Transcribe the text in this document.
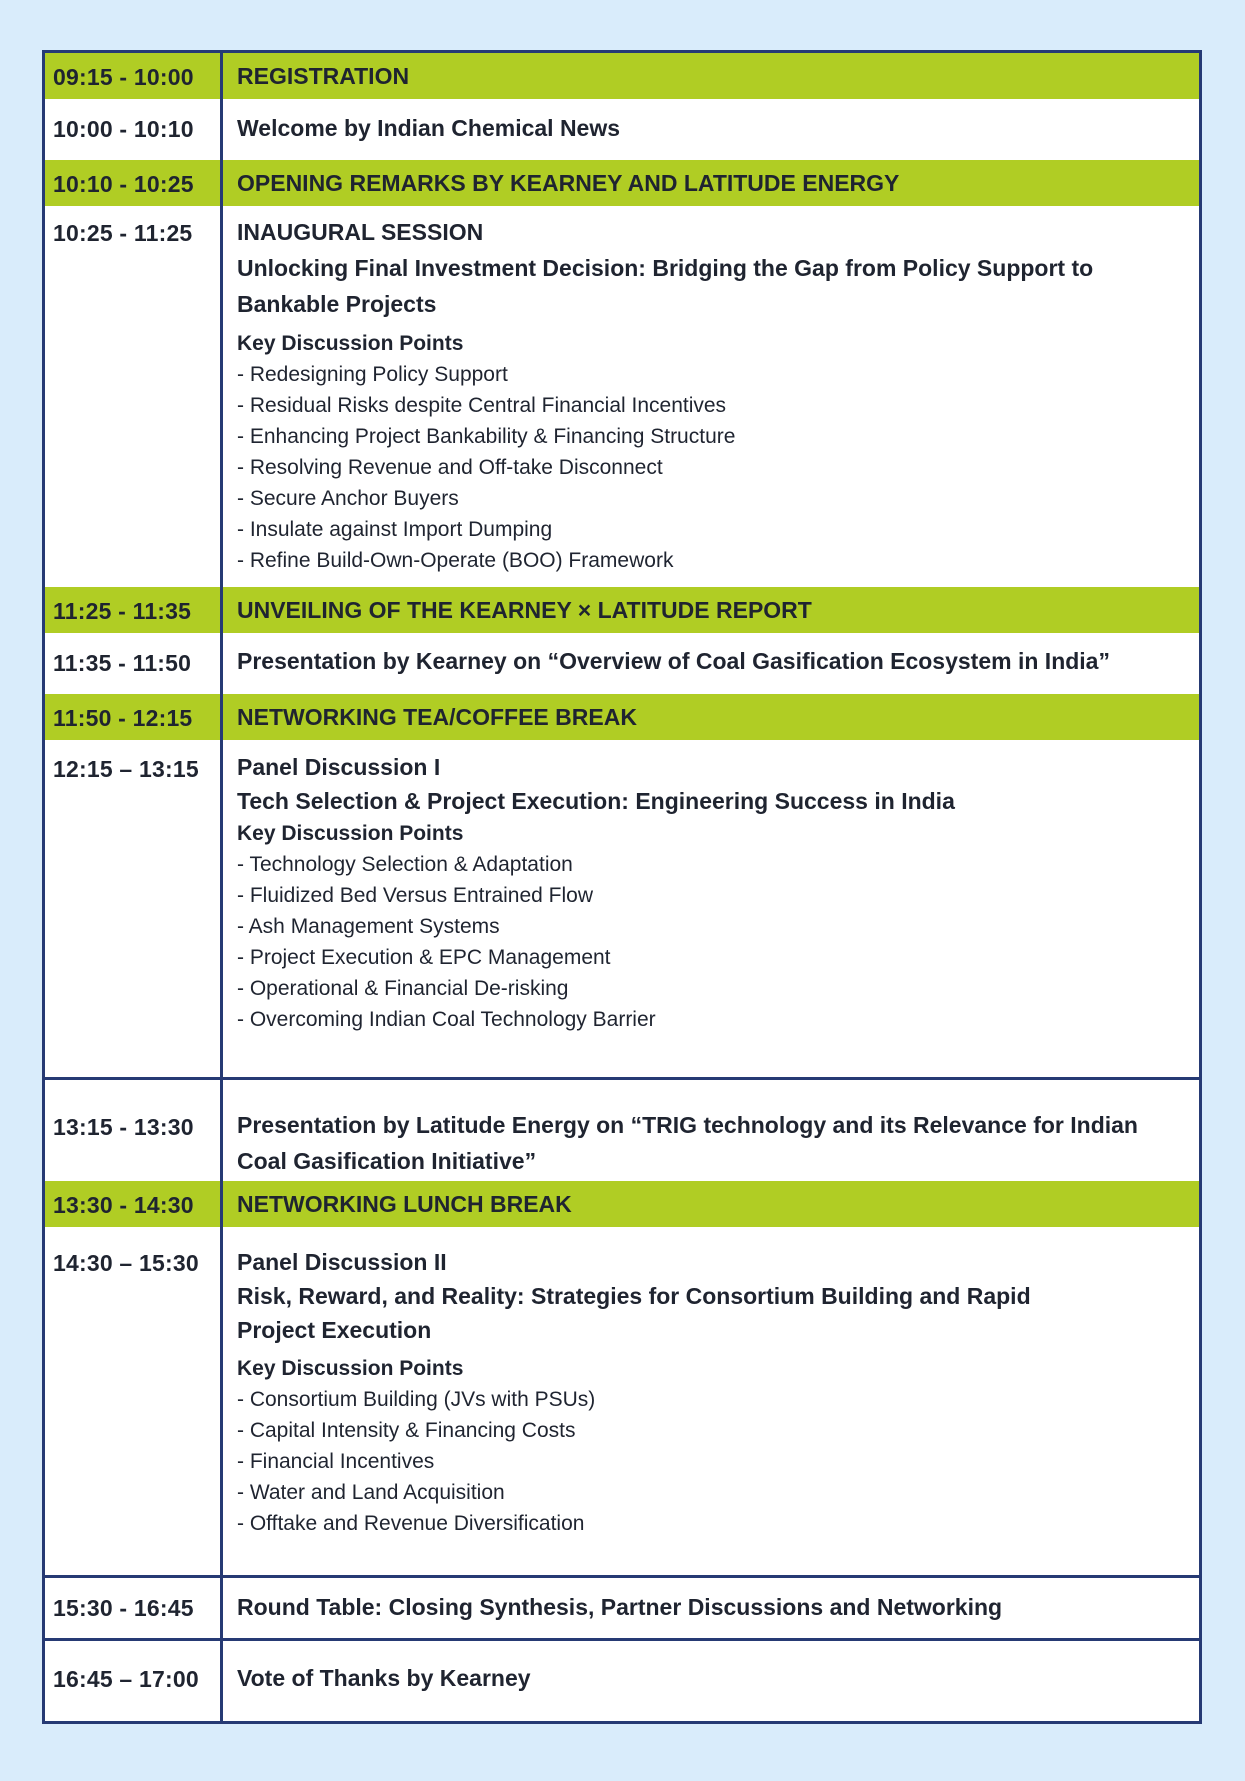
09:15 - 10:00 REGISTRATION
10:00 - 10:10 Welcome by Indian Chemical News
10:10 - 10:25 OPENING REMARKS BY KEARNEY AND LATITUDE ENERGY
10:25 - 11:25 INAUGURAL SESSION
Unlocking Final Investment Decision: Bridging the Gap from Policy Support to
Bankable Projects
Key Discussion Points
- Redesigning Policy Support
- Residual Risks despite Central Financial Incentives
- Enhancing Project Bankability & Financing Structure
- Resolving Revenue and Off-take Disconnect
- Secure Anchor Buyers
- Insulate against Import Dumping
- Refine Build-Own-Operate (BOO) Framework
11:25 - 11:35 UNVEILING OF THE KEARNEY × LATITUDE REPORT
11:35 - 11:50 Presentation by Kearney on “Overview of Coal Gasification Ecosystem in India”
11:50 - 12:15 NETWORKING TEA/COFFEE BREAK
12:15 – 13:15 Panel Discussion I
Tech Selection & Project Execution: Engineering Success in India
Key Discussion Points
- Technology Selection & Adaptation
- Fluidized Bed Versus Entrained Flow
- Ash Management Systems
- Project Execution & EPC Management
- Operational & Financial De-risking
- Overcoming Indian Coal Technology Barrier
13:15 - 13:30 Presentation by Latitude Energy on “TRIG technology and its Relevance for Indian
Coal Gasification Initiative”
13:30 - 14:30 NETWORKING LUNCH BREAK
14:30 – 15:30 Panel Discussion II
Risk, Reward, and Reality: Strategies for Consortium Building and Rapid
Project Execution
Key Discussion Points
- Consortium Building (JVs with PSUs)
- Capital Intensity & Financing Costs
- Financial Incentives
- Water and Land Acquisition
- Offtake and Revenue Diversification
15:30 - 16:45 Round Table: Closing Synthesis, Partner Discussions and Networking
16:45 – 17:00 Vote of Thanks by Kearney
